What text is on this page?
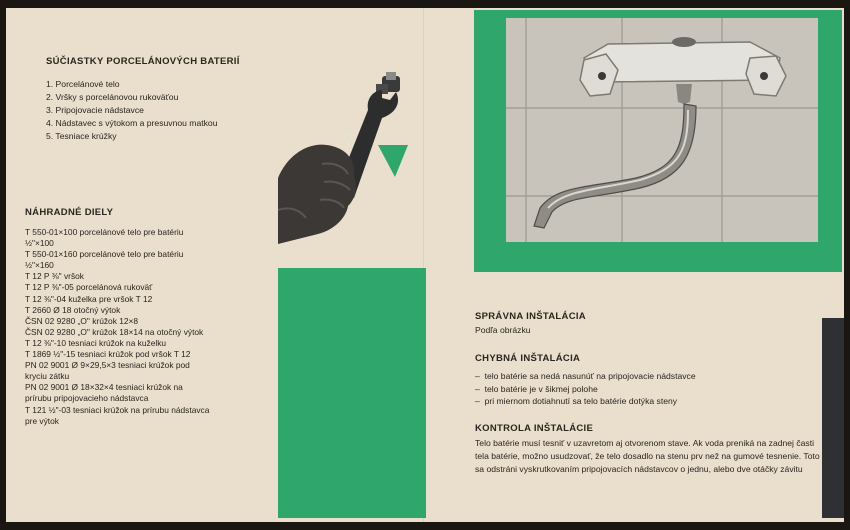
SÚČIASTKY PORCELÁNOVÝCH BATERIÍ
1. Porcelánové telo
2. Vršky s porcelánovou rukoväťou
3. Pripojovacie nádstavce
4. Nádstavec s výtokom a presuvnou matkou
5. Tesniace krúžky	22
NÁHRADNÉ DIELY
T 550-01×100 porcelánové telo pre batériu
½"×100
T 550-01×160 porcelánové telo pre batériu
½"×160
T 12 P ⅜" vršok
T 12 P ⅜"-05 porcelánová rukoväť
T 12 ⅜"-04 kuželka pre vršok T 12
T 2660 Ø 18 otočný výtok
ČSN 02 9280 „O" krúžok 12×8
ČSN 02 9280 „O" krúžok 18×14 na otočný výtok
T 12 ⅜"-10 tesniaci krúžok na kuželku
T 1869 ½"-15 tesniaci krúžok pod vršok T 12
PN 02 9001 Ø 9×29,5×3 tesniaci krúžok pod
kryciu zátku
PN 02 9001 Ø 18×32×4 tesniaci krúžok na
prírubu pripojovacieho nádstavca
T 121 ½"-03 tesniaci krúžok na prírubu nádstavca
pre výtok
SPRÁVNA INŠTALÁCIA

Podľa obrázku

CHYBNÁ INŠTALÁCIA
–  telo batérie sa nedá nasunúť na pripojovacie nádstavce
–  telo batérie je v šikmej polohe
–  pri miernom dotiahnutí sa telo batérie dotýka steny
KONTROLA INŠTALÁCIE

Telo batérie musí tesniť v uzavretom aj otvorenom stave. Ak voda preniká na zadnej časti tela batérie, možno usudzovať, že telo dosadlo na stenu prv než na gumové tesnenie. Toto sa odstráni vyskrutkovaním pripojovacích nádstavcov o jednu, alebo dve otáčky závitu
